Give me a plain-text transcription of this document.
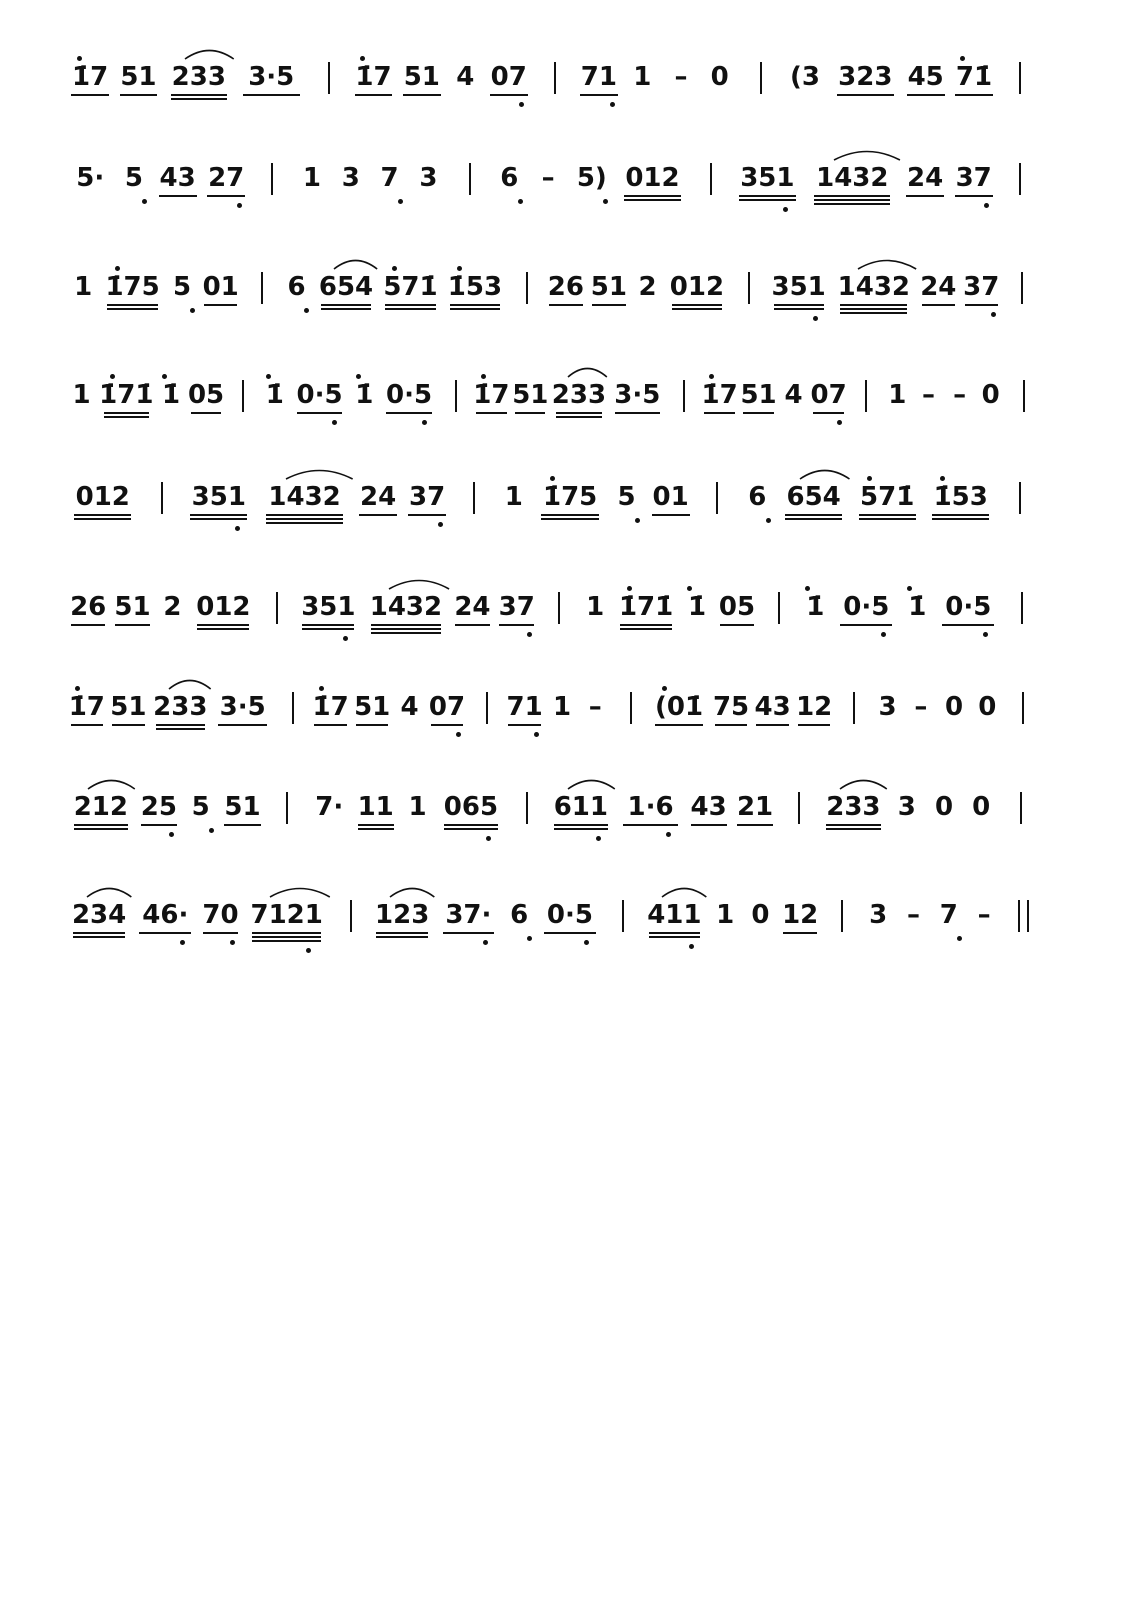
1̇7 51 233 3·5	1̇7 51 4 07 71 1 – 0	(3 323 45 71̇
5· 5 43 27	1 3 7 3	6 – 5) 012	351 1432 24 37
1 1̇75 5 01	6 654 571̇ 1̇53 26 51 2 012 351 1432 24 37
1 1̇71̇ 1̇ 05 1̇ 0·5 1̇ 0·5 1̇7 51 233 3·5 1̇7 51 4 07 1 – – 0
012	351 1432 24 37	1 1̇75 5 01	6 654 571̇ 1̇53
26 51 2 012 351 1432 24 37	1 1̇71̇ 1̇ 05	1̇ 0·5 1̇ 0·5
1̇7 51 233 3·5	1̇7 51 4 07 71 1 –	(01̇ 75 43 12 3 – 0 0
212 25 5 51	7· 11 1 065 611 1·6 43 21 233 3 0 0
234 46· 70 7121	123 37· 6 0·5	411 1 0 12	3 – 7 –
